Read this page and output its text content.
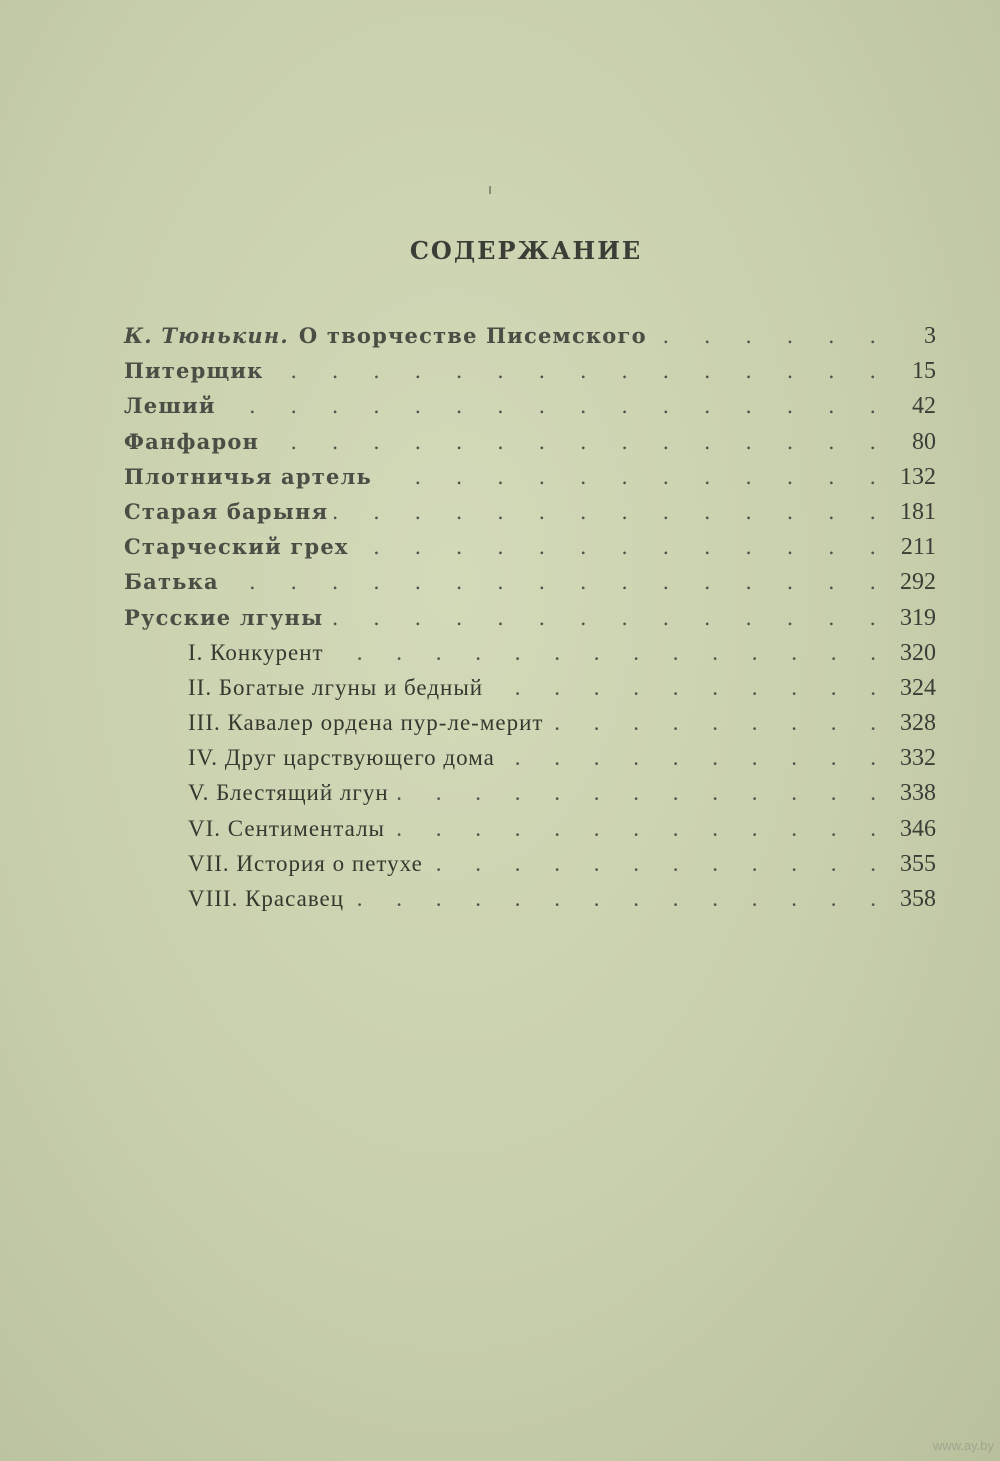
СОДЕРЖАНИЕ
К. Тюнькин. О творчестве Писемского . . .	3
Питерщик . . .	15
Леший . . .	42
Фанфарон . . .	80
Плотничья артель . . .	132
Старая барыня . . .	181
Старческий грех . . .	211
Батька . . .	292
Русские лгуны . . .	319
I. Конкурент . . .	320
II. Богатые лгуны и бедный . . .	324
III. Кавалер ордена пур-ле-мерит . . .	328
IV. Друг царствующего дома . . .	332
V. Блестящий лгун . . .	338
VI. Сентименталы . . .	346
VII. История о петухе . . .	355
VIII. Красавец . . .	358
www.ay.by
